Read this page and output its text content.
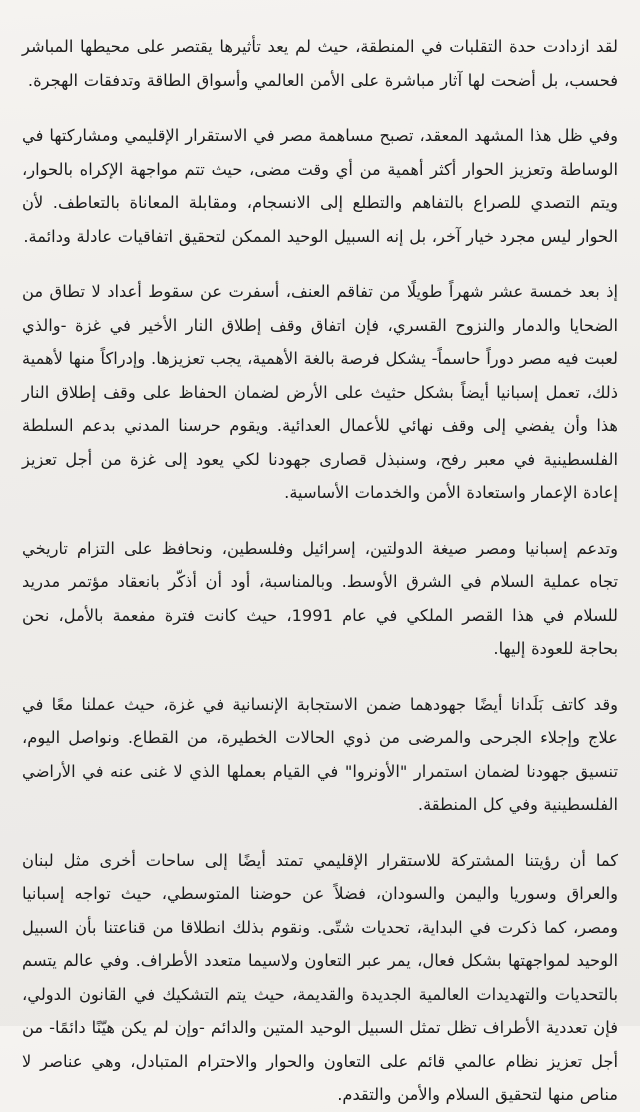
لقد ازدادت حدة التقلبات في المنطقة، حيث لم يعد تأثيرها يقتصر على محيطها المباشر فحسب، بل أضحت لها آثار مباشرة على الأمن العالمي وأسواق الطاقة وتدفقات الهجرة.

وفي ظل هذا المشهد المعقد، تصبح مساهمة مصر في الاستقرار الإقليمي ومشاركتها في الوساطة وتعزيز الحوار أكثر أهمية من أي وقت مضى، حيث تتم مواجهة الإكراه بالحوار، ويتم التصدي للصراع بالتفاهم والتطلع إلى الانسجام، ومقابلة المعاناة بالتعاطف. لأن الحوار ليس مجرد خيار آخر، بل إنه السبيل الوحيد الممكن لتحقيق اتفاقيات عادلة ودائمة.

إذ بعد خمسة عشر شهراً طويلًا من تفاقم العنف، أسفرت عن سقوط أعداد لا تطاق من الضحايا والدمار والنزوح القسري، فإن اتفاق وقف إطلاق النار الأخير في غزة -والذي لعبت فيه مصر دوراً حاسماً- يشكل فرصة بالغة الأهمية، يجب تعزيزها. وإدراكاً منها لأهمية ذلك، تعمل إسبانيا أيضاً بشكل حثيث على الأرض لضمان الحفاظ على وقف إطلاق النار هذا وأن يفضي إلى وقف نهائي للأعمال العدائية. ويقوم حرسنا المدني بدعم السلطة الفلسطينية في معبر رفح، وسنبذل قصارى جهودنا لكي يعود إلى غزة من أجل تعزيز إعادة الإعمار واستعادة الأمن والخدمات الأساسية.

وتدعم إسبانيا ومصر صيغة الدولتين، إسرائيل وفلسطين، ونحافظ على التزام تاريخي تجاه عملية السلام في الشرق الأوسط. وبالمناسبة، أود أن أذكّر بانعقاد مؤتمر مدريد للسلام في هذا القصر الملكي في عام 1991، حيث كانت فترة مفعمة بالأمل، نحن بحاجة للعودة إليها.

وقد كاتف بَلَدانا أيضًا جهودهما ضمن الاستجابة الإنسانية في غزة، حيث عملنا معًا في علاج وإجلاء الجرحى والمرضى من ذوي الحالات الخطيرة، من القطاع. ونواصل اليوم، تنسيق جهودنا لضمان استمرار "الأونروا" في القيام بعملها الذي لا غنى عنه في الأراضي الفلسطينية وفي كل المنطقة.

كما أن رؤيتنا المشتركة للاستقرار الإقليمي تمتد أيضًا إلى ساحات أخرى مثل لبنان والعراق وسوريا واليمن والسودان، فضلاً عن حوضنا المتوسطي، حيث تواجه إسبانيا ومصر، كما ذكرت في البداية، تحديات شتّى. ونقوم بذلك انطلاقا من قناعتنا بأن السبيل الوحيد لمواجهتها بشكل فعال، يمر عبر التعاون ولاسيما متعدد الأطراف. وفي عالم يتسم بالتحديات والتهديدات العالمية الجديدة والقديمة، حيث يتم التشكيك في القانون الدولي، فإن تعددية الأطراف تظل تمثل السبيل الوحيد المتين والدائم -وإن لم يكن هيّنًا دائمًا- من أجل تعزيز نظام عالمي قائم على التعاون والحوار والاحترام المتبادل، وهي عناصر لا مناص منها لتحقيق السلام والأمن والتقدم.
